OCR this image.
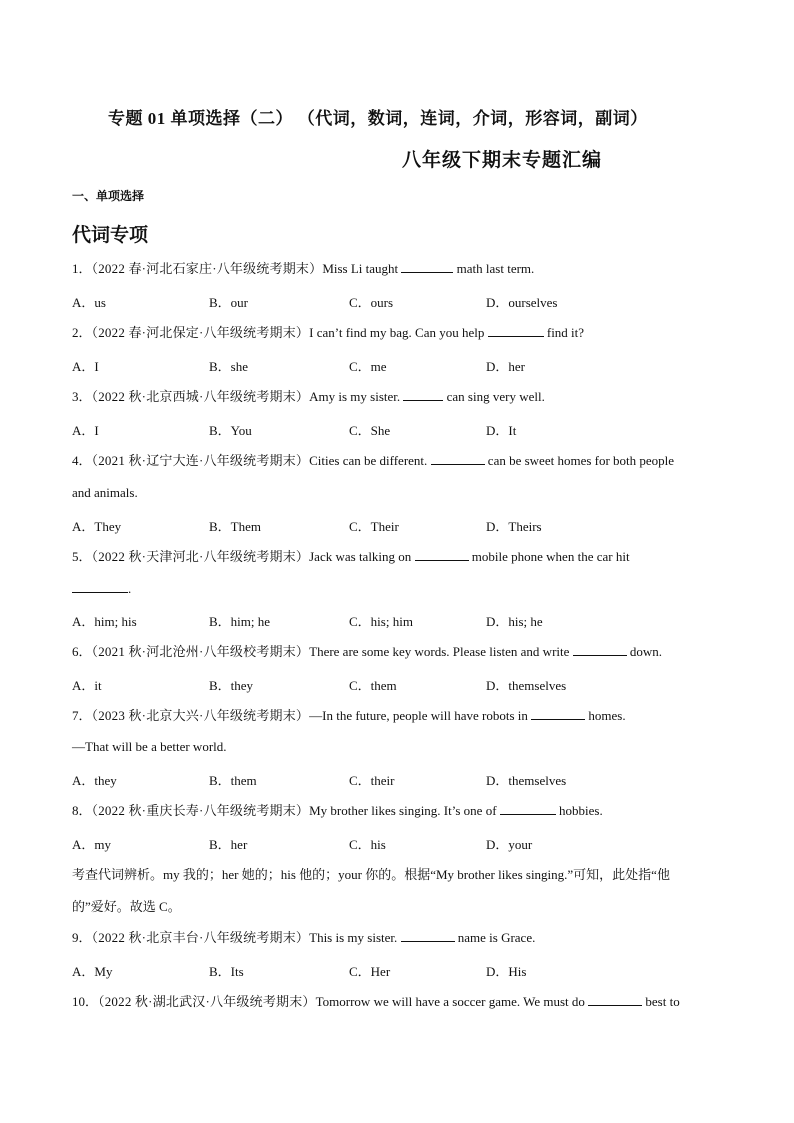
专题 01 单项选择（二） （代词，数词，连词，介词，形容词，副词）
八年级下期末专题汇编
一、单项选择
代词专项
1．（2022 春·河北石家庄·八年级统考期末）Miss Li taught	math last term.
A．us	B．our	C．ours	D．ourselves
2．（2022 春·河北保定·八年级统考期末）I can’t find my bag. Can you help	find it?
A．I	B．she	C．me	D．her
3．（2022 秋·北京西城·八年级统考期末）Amy is my sister.	can sing very well.
A．I	B．You	C．She	D．It
4．（2021 秋·辽宁大连·八年级统考期末）Cities can be different.	can be sweet homes for both people
and animals.
A．They	B．Them	C．Their	D．Theirs
5．（2022 秋·天津河北·八年级统考期末）Jack was talking on	mobile phone when the car hit
.
A．him; his	B．him; he	C．his; him	D．his; he
6．（2021 秋·河北沧州·八年级校考期末）There are some key words. Please listen and write	down.
A．it	B．they	C．them	D．themselves
7．（2023 秋·北京大兴·八年级统考期末）—In the future, people will have robots in	homes.
—That will be a better world.
A．they	B．them	C．their	D．themselves
8．（2022 秋·重庆长寿·八年级统考期末）My brother likes singing. It’s one of	hobbies.
A．my	B．her	C．his	D．your
考查代词辨析。my 我的；her 她的；his 他的；your 你的。根据“My brother likes singing.”可知，此处指“他
的”爱好。故选 C。
9．（2022 秋·北京丰台·八年级统考期末）This is my sister.	name is Grace.
A．My	B．Its	C．Her	D．His
10．（2022 秋·湖北武汉·八年级统考期末）Tomorrow we will have a soccer game. We must do	best to
